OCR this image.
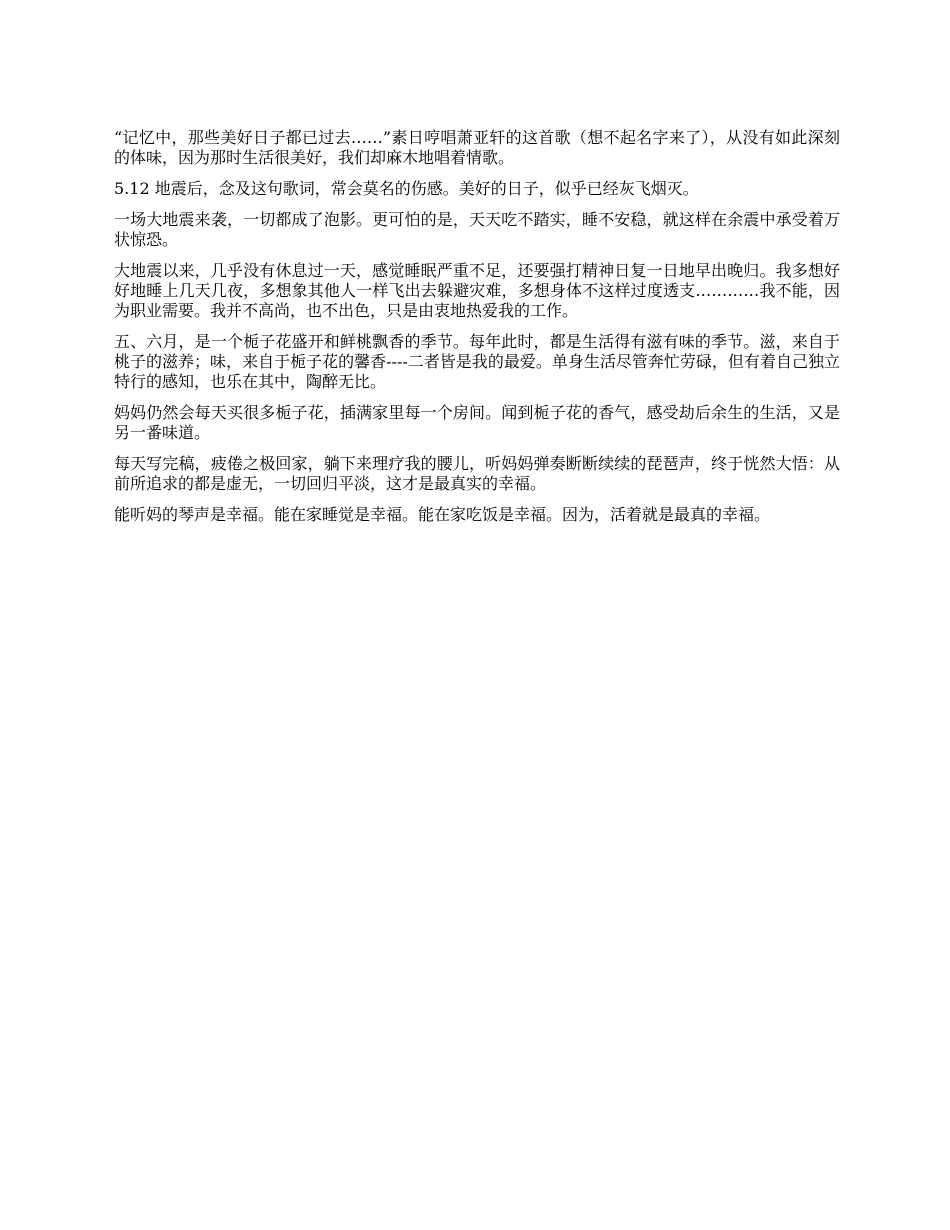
“记忆中，那些美好日子都已过去……”素日哼唱萧亚轩的这首歌（想不起名字来了），从没有如此深刻的体味，因为那时生活很美好，我们却麻木地唱着情歌。

5.12 地震后，念及这句歌词，常会莫名的伤感。美好的日子，似乎已经灰飞烟灭。

一场大地震来袭，一切都成了泡影。更可怕的是，天天吃不踏实，睡不安稳，就这样在余震中承受着万状惊恐。

大地震以来，几乎没有休息过一天，感觉睡眠严重不足，还要强打精神日复一日地早出晚归。我多想好好地睡上几天几夜，多想象其他人一样飞出去躲避灾难，多想身体不这样过度透支…………我不能，因为职业需要。我并不高尚，也不出色，只是由衷地热爱我的工作。

五、六月，是一个栀子花盛开和鲜桃飘香的季节。每年此时，都是生活得有滋有味的季节。滋，来自于桃子的滋养；味，来自于栀子花的馨香----二者皆是我的最爱。单身生活尽管奔忙劳碌，但有着自己独立特行的感知，也乐在其中，陶醉无比。

妈妈仍然会每天买很多栀子花，插满家里每一个房间。闻到栀子花的香气，感受劫后余生的生活，又是另一番味道。

每天写完稿，疲倦之极回家，躺下来理疗我的腰儿，听妈妈弹奏断断续续的琵琶声，终于恍然大悟：从前所追求的都是虚无，一切回归平淡，这才是最真实的幸福。

能听妈的琴声是幸福。能在家睡觉是幸福。能在家吃饭是幸福。因为，活着就是最真的幸福。
